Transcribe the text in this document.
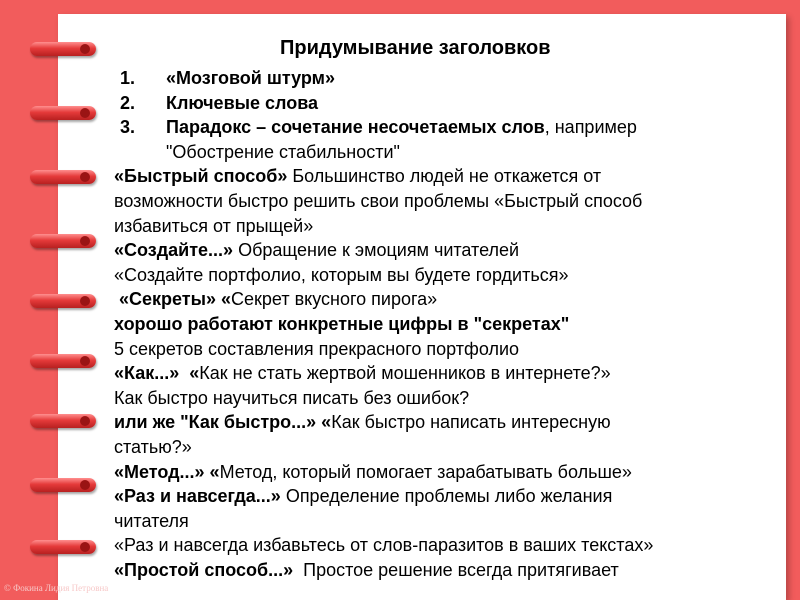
Придумывание заголовков
1. «Мозговой штурм»
2. Ключевые слова
3. Парадокс – сочетание несочетаемых слов, например
"Обострение стабильности"
«Быстрый способ» Большинство людей не откажется от
возможности быстро решить свои проблемы «Быстрый способ
избавиться от прыщей»
«Создайте...» Обращение к эмоциям читателей
«Создайте портфолио, которым вы будете гордиться»
«Секреты» «Секрет вкусного пирога»
хорошо работают конкретные цифры в "секретах"
5 секретов составления прекрасного портфолио
«Как...»  «Как не стать жертвой мошенников в интернете?»
Как быстро научиться писать без ошибок?
или же "Как быстро...» «Как быстро написать интересную
статью?»
«Метод...» «Метод, который помогает зарабатывать больше»
«Раз и навсегда...» Определение проблемы либо желания
читателя
«Раз и навсегда избавьтесь от слов-паразитов в ваших текстах»
«Простой способ...»  Простое решение всегда притягивает
© Фокина Лидия Петровна
